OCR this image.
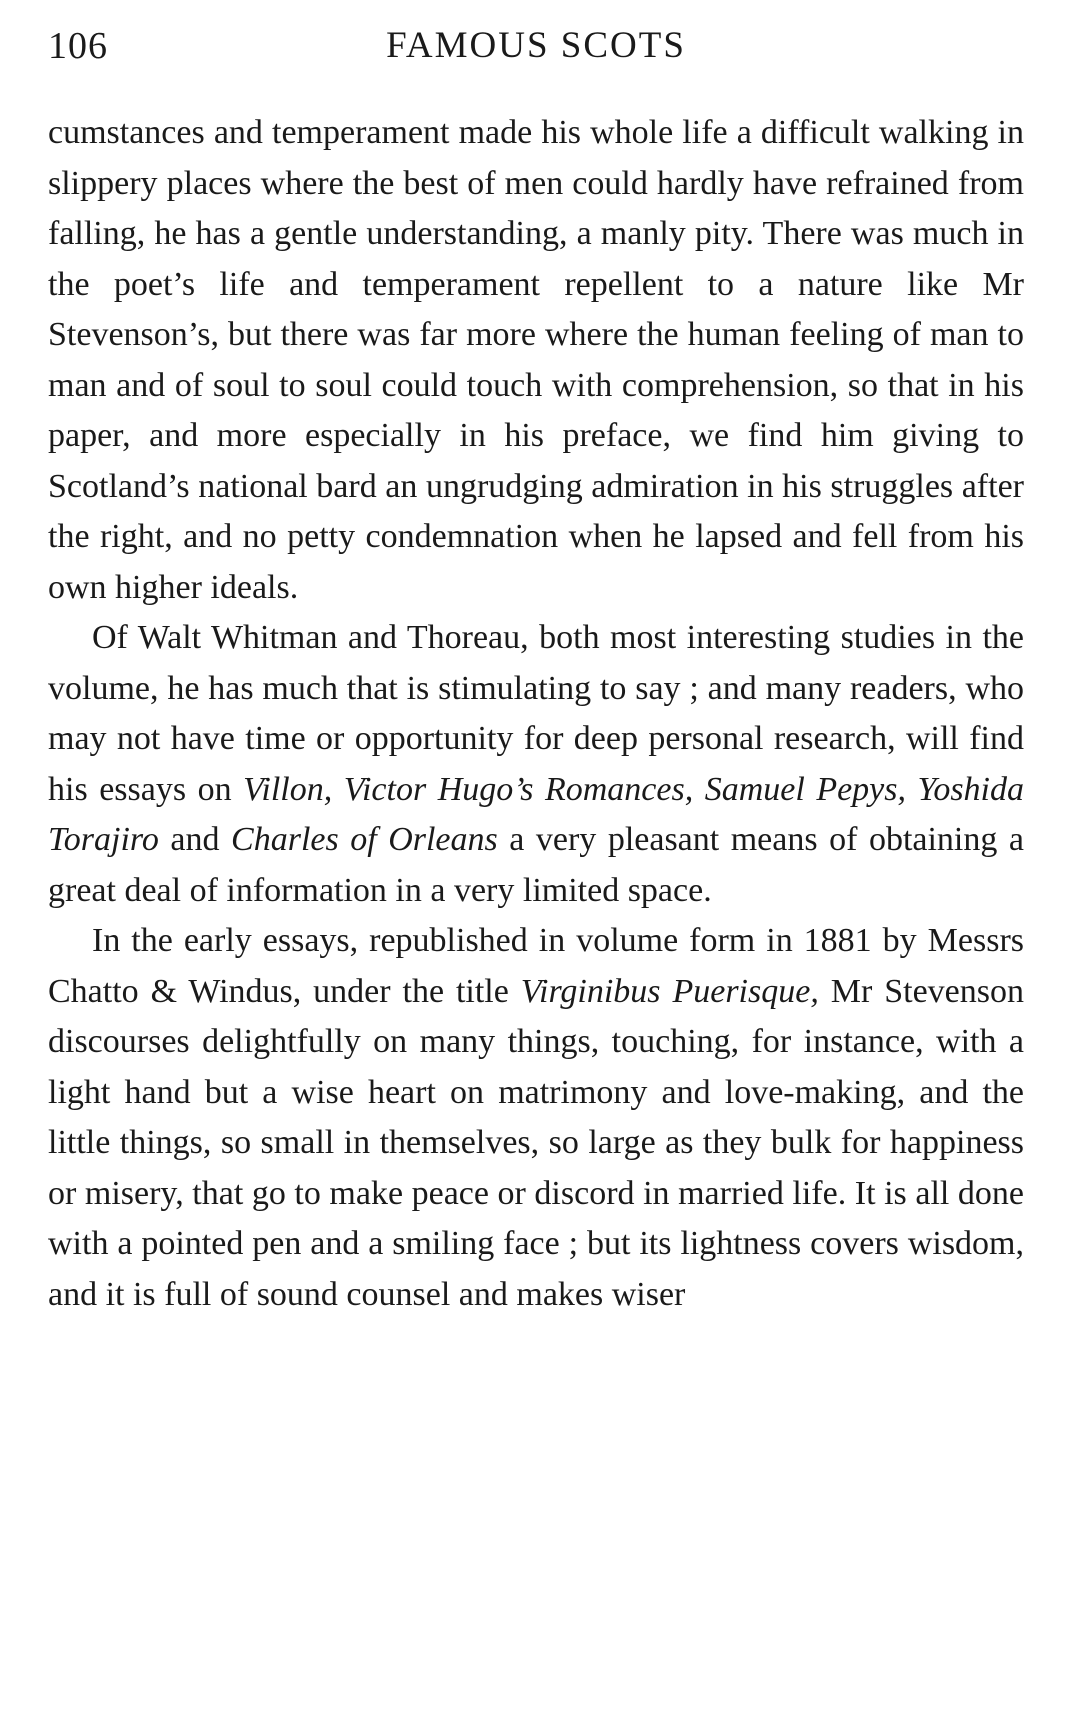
106	FAMOUS SCOTS

cumstances and temperament made his whole life a difficult walking in slippery places where the best of men could hardly have refrained from falling, he has a gentle understanding, a manly pity. There was much in the poet’s life and temperament repellent to a nature like Mr Stevenson’s, but there was far more where the human feeling of man to man and of soul to soul could touch with comprehension, so that in his paper, and more especially in his preface, we find him giving to Scotland’s national bard an ungrudging admiration in his struggles after the right, and no petty condemnation when he lapsed and fell from his own higher ideals.

Of Walt Whitman and Thoreau, both most interesting studies in the volume, he has much that is stimulating to say ; and many readers, who may not have time or opportunity for deep personal research, will find his essays on Villon, Victor Hugo’s Romances, Samuel Pepys, Yoshida Torajiro and Charles of Orleans a very pleasant means of obtaining a great deal of information in a very limited space.

In the early essays, republished in volume form in 1881 by Messrs Chatto & Windus, under the title Virginibus Puerisque, Mr Stevenson discourses delightfully on many things, touching, for instance, with a light hand but a wise heart on matrimony and love-making, and the little things, so small in themselves, so large as they bulk for happiness or misery, that go to make peace or discord in married life. It is all done with a pointed pen and a smiling face ; but its lightness covers wisdom, and it is full of sound counsel and makes wiser
